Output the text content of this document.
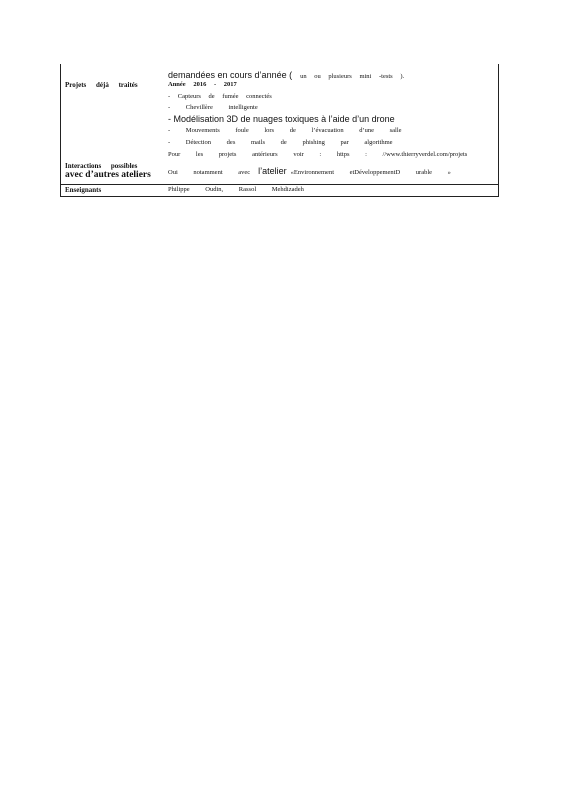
demandées en cours d’année ( un ou plusieurs mini -tests ).
Projets déjà traités	Année 2016 - 2017
- Capteurs de fumée connectés
- Chevillère intelligente
- Modélisation 3D de nuages toxiques à l’aide d’un drone
- Mouvements foule lors de l’évacuation d’une salle
- Détection des mails de phishing par algorithme
Pour les projets antérieurs voir : https : //www.thierryverdel.com/projets
Interactions possibles
avec d’autres ateliers	Oui notamment avec l’atelier «Environnement etDéveloppementD urable »
Enseignants	Philippe Oudin, Rassol Mehdizadeh
